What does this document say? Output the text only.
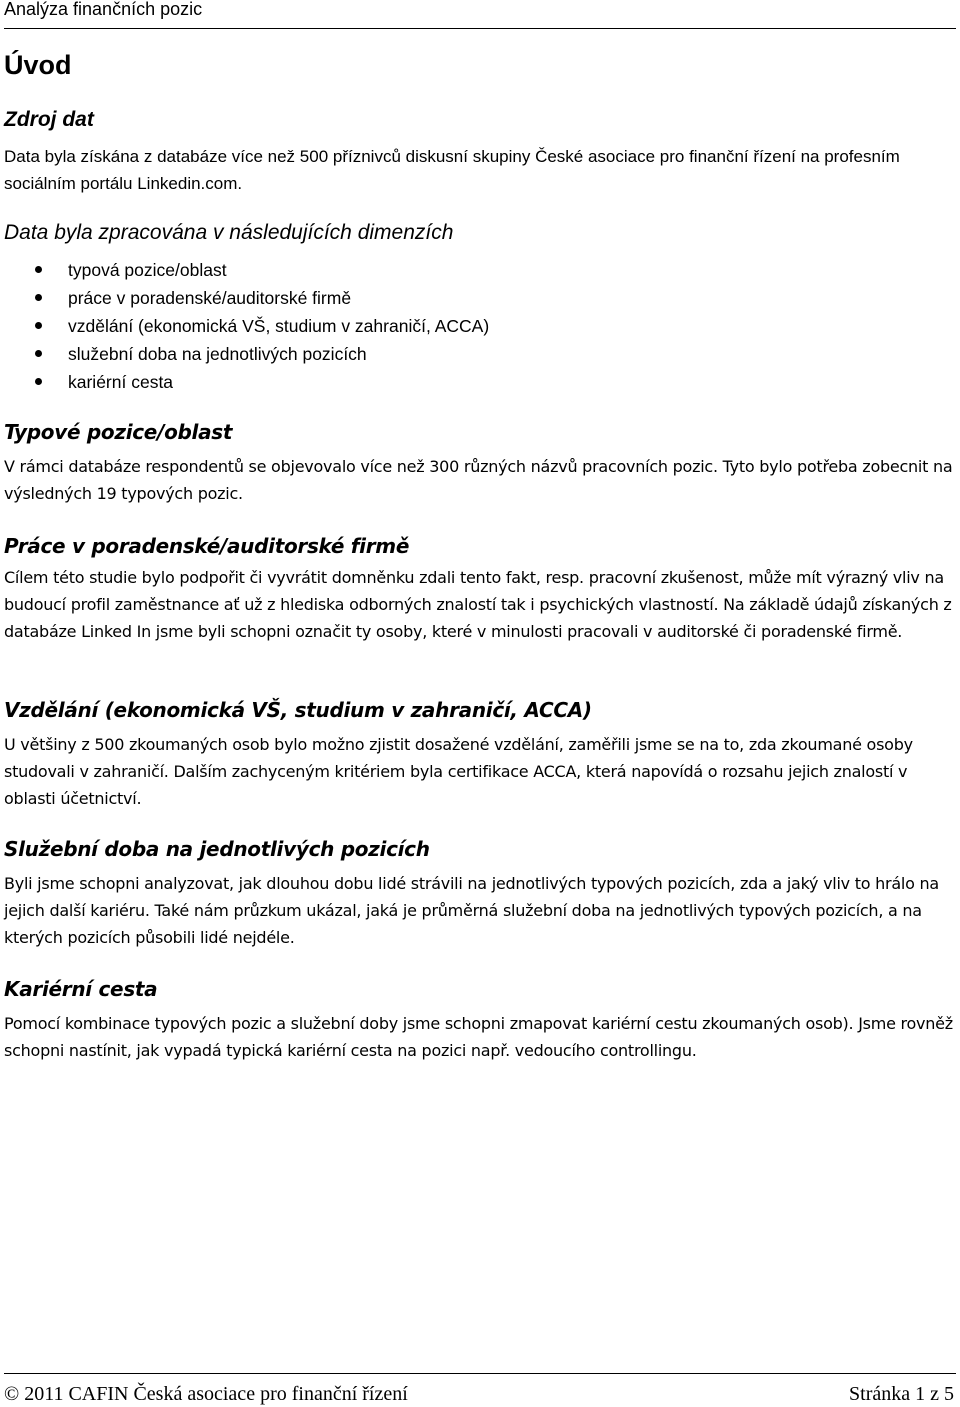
Analýza finančních pozic
Úvod
Zdroj dat

Data byla získána z databáze více než 500 příznivců diskusní skupiny České asociace pro finanční řízení na profesním sociálním portálu Linkedin.com.

Data byla zpracována v následujících dimenzích
typová pozice/oblast
práce v poradenské/auditorské firmě
vzdělání (ekonomická VŠ, studium v zahraničí, ACCA)
služební doba na jednotlivých pozicích
kariérní cesta
Typové pozice/oblast

V rámci databáze respondentů se objevovalo více než 300 různých názvů pracovních pozic. Tyto bylo potřeba zobecnit na výsledných 19 typových pozic.

Práce v poradenské/auditorské firmě

Cílem této studie bylo podpořit či vyvrátit domněnku zdali tento fakt, resp. pracovní zkušenost, může mít výrazný vliv na budoucí profil zaměstnance ať už z hlediska odborných znalostí tak i psychických vlastností. Na základě údajů získaných z databáze Linked In jsme byli schopni označit ty osoby, které v minulosti pracovali v auditorské či poradenské firmě.

Vzdělání (ekonomická VŠ, studium v zahraničí, ACCA)

U většiny z 500 zkoumaných osob bylo možno zjistit dosažené vzdělání, zaměřili jsme se na to, zda zkoumané osoby studovali v zahraničí. Dalším zachyceným kritériem byla certifikace ACCA, která napovídá o rozsahu jejich znalostí v oblasti účetnictví.

Služební doba na jednotlivých pozicích

Byli jsme schopni analyzovat, jak dlouhou dobu lidé strávili na jednotlivých typových pozicích, zda a jaký vliv to hrálo na jejich další kariéru. Také nám průzkum ukázal, jaká je průměrná služební doba na jednotlivých typových pozicích, a na kterých pozicích působili lidé nejdéle.

Kariérní cesta

Pomocí kombinace typových pozic a služební doby jsme schopni zmapovat kariérní cestu zkoumaných osob). Jsme rovněž schopni nastínit, jak vypadá typická kariérní cesta na pozici např. vedoucího controllingu.

© 2011 CAFIN Česká asociace pro finanční řízení	Stránka 1 z 5
